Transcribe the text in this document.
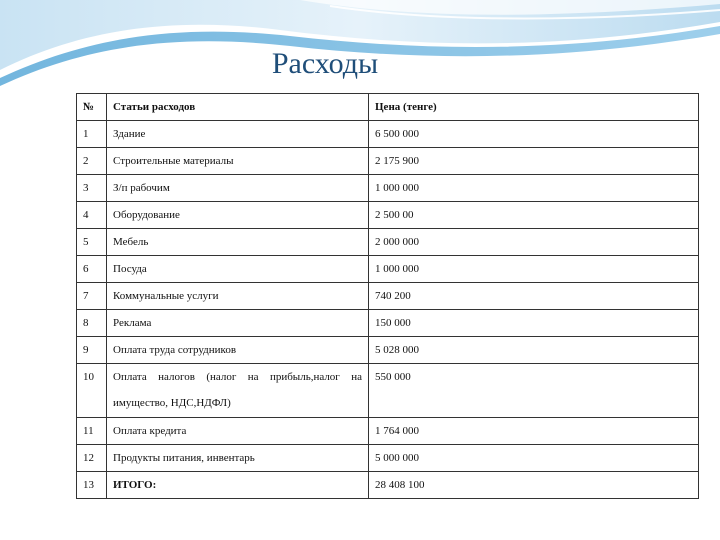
Расходы
№	Статьи расходов	Цена (тенге)
1	Здание	6 500 000
2	Строительные материалы	2 175 900
3	З/п рабочим	1 000 000
4	Оборудование	2 500 00
5	Мебель	2 000 000
6	Посуда	1 000 000
7	Коммунальные услуги	740 200
8	Реклама	150 000
9	Оплата труда сотрудников	5 028 000
10	Оплата налогов (налог на прибыль,налог на имущество, НДС,НДФЛ)	550 000
11	Оплата кредита	1 764 000
12	Продукты питания, инвентарь	5 000 000
13	ИТОГО:	28 408 100
